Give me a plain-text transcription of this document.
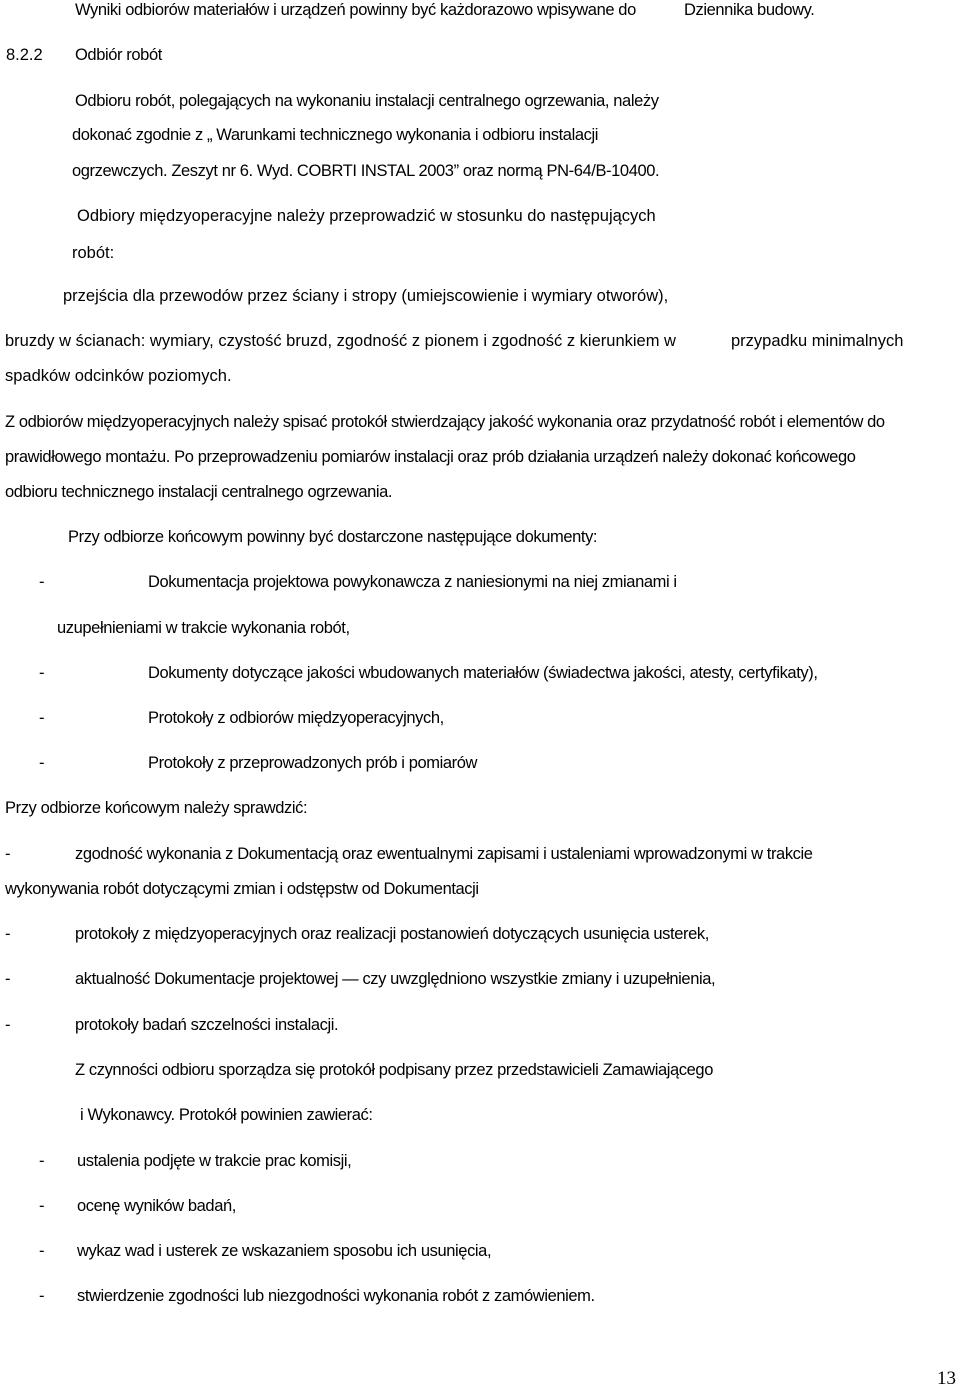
Wyniki odbiorów materiałów i urządzeń powinny być każdorazowo wpisywane do	Dziennika budowy.
8.2.2 Odbiór robót
Odbioru robót, polegających na wykonaniu instalacji centralnego ogrzewania, należy
dokonać zgodnie z „ Warunkami technicznego wykonania i odbioru instalacji
ogrzewczych. Zeszyt nr 6. Wyd. COBRTI INSTAL 2003” oraz normą PN-64/B-10400.
Odbiory międzyoperacyjne należy przeprowadzić w stosunku do następujących
robót:
przejścia dla przewodów przez ściany i stropy (umiejscowienie i wymiary otworów),
bruzdy w ścianach: wymiary, czystość bruzd, zgodność z pionem i zgodność z kierunkiem w	przypadku minimalnych
spadków odcinków poziomych.
Z odbiorów międzyoperacyjnych należy spisać protokół stwierdzający jakość wykonania oraz przydatność robót i elementów do
prawidłowego montażu. Po przeprowadzeniu pomiarów instalacji oraz prób działania urządzeń należy dokonać końcowego
odbioru technicznego instalacji centralnego ogrzewania.
Przy odbiorze końcowym powinny być dostarczone następujące dokumenty:
-	Dokumentacja projektowa powykonawcza z naniesionymi na niej zmianami i
uzupełnieniami w trakcie wykonania robót,
-	Dokumenty dotyczące jakości wbudowanych materiałów (świadectwa jakości, atesty, certyfikaty),
-	Protokoły z odbiorów międzyoperacyjnych,
-	Protokoły z przeprowadzonych prób i pomiarów
Przy odbiorze końcowym należy sprawdzić:
-	zgodność wykonania z Dokumentacją oraz ewentualnymi zapisami i ustaleniami wprowadzonymi w trakcie
wykonywania robót dotyczącymi zmian i odstępstw od Dokumentacji
-	protokoły z międzyoperacyjnych oraz realizacji postanowień dotyczących usunięcia usterek,
-	aktualność Dokumentacje projektowej — czy uwzględniono wszystkie zmiany i uzupełnienia,
-	protokoły badań szczelności instalacji.
Z czynności odbioru sporządza się protokół podpisany przez przedstawicieli Zamawiającego
i Wykonawcy. Protokół powinien zawierać:
- ustalenia podjęte w trakcie prac komisji,
- ocenę wyników badań,
- wykaz wad i usterek ze wskazaniem sposobu ich usunięcia,
- stwierdzenie zgodności lub niezgodności wykonania robót z zamówieniem.
13
